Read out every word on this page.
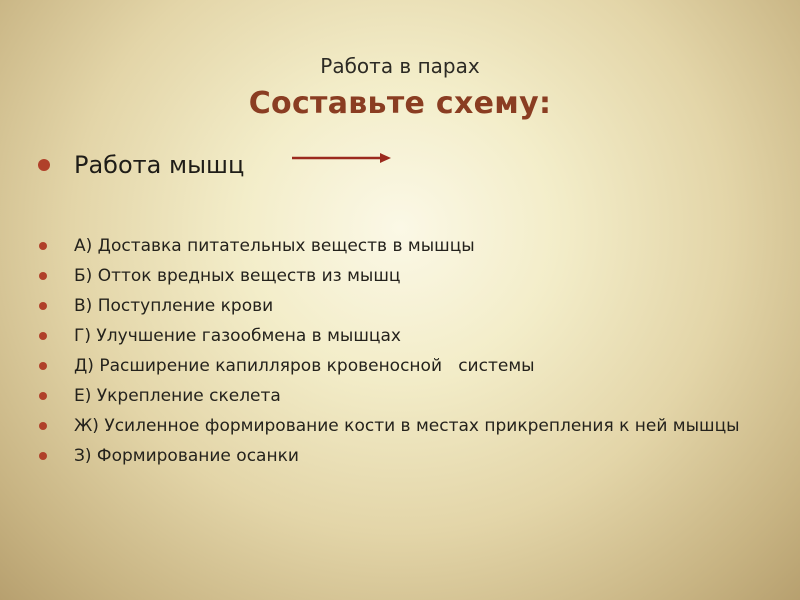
Работа в парах
Составьте схему:
Работа мышц
А) Доставка питательных веществ в мышцы
Б) Отток вредных веществ из мышц
В) Поступление крови
Г) Улучшение газообмена в мышцах
Д) Расширение капилляров кровеносной   системы
Е) Укрепление скелета
Ж) Усиленное формирование кости в местах прикрепления к ней мышцы
З) Формирование осанки
